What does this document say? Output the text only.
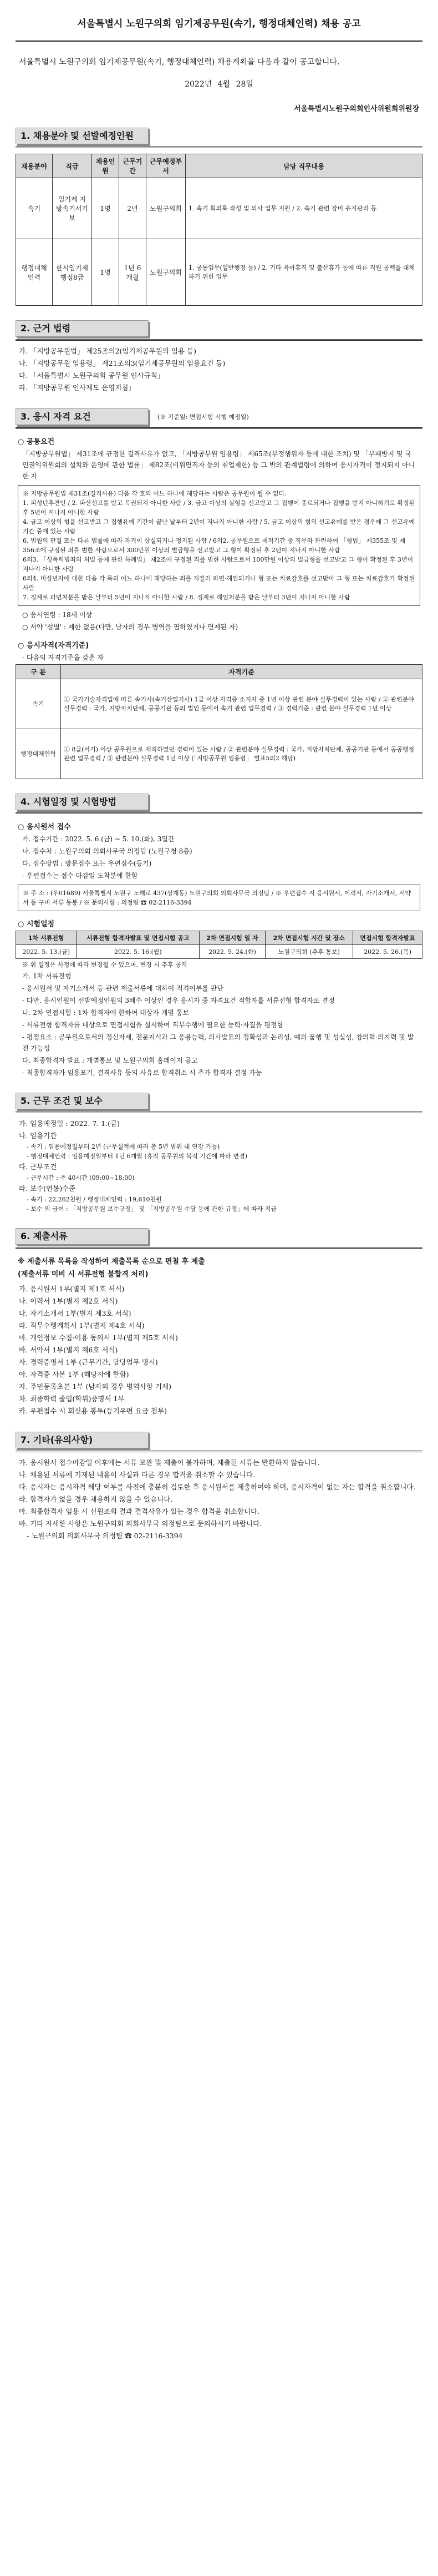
서울특별시 노원구의회 임기제공무원(속기, 행정대체인력) 채용 공고

서울특별시 노원구의회 임기제공무원(속기, 행정대체인력) 채용계획을 다음과 같이 공고합니다.

2022년 4월 28일
서울특별시노원구의회인사위원회위원장
1. 채용분야 및 선발예정인원
채용분야	직급	채용인원	근무기간	근무예정부서	담당 직무내용
속기	임기제 지방속기서기보	1명	2년	노원구의회	1. 속기 회의록 작성 및 의사 업무 지원 / 2. 속기 관련 장비 유지관리 등
행정대체인력	한시임기제 행정8급	1명	1년 6개월	노원구의회	1. 공통업무(일반행정 등) / 2. 기타 육아휴직 및 출산휴가 등에 따른 직원 공백을 대체하기 위한 업무
2. 근거 법령
가. 「지방공무원법」 제25조의2(임기제공무원의 임용 등)
나. 「지방공무원 임용령」 제21조의3(임기제공무원의 임용요건 등)
다. 「서울특별시 노원구의회 공무원 인사규칙」
라. 「지방공무원 인사제도 운영지침」
3. 응시 자격 요건	(※ 기준일: 면접시험 시행 예정일)
○ 공통요건
「지방공무원법」 제31조에 규정한 결격사유가 없고, 「지방공무원 임용령」 제65조(부정행위자 등에 대한 조치) 및 「부패방지 및 국민권익위원회의 설치와 운영에 관한 법률」 제82조(비위면직자 등의 취업제한) 등 그 밖의 관계법령에 의하여 응시자격이 정지되지 아니한 자
※ 지방공무원법 제31조(결격사유) 다음 각 호의 어느 하나에 해당하는 사람은 공무원이 될 수 없다.
1. 피성년후견인 / 2. 파산선고를 받고 복권되지 아니한 사람 / 3. 금고 이상의 실형을 선고받고 그 집행이 종료되거나 집행을 받지 아니하기로 확정된 후 5년이 지나지 아니한 사람
4. 금고 이상의 형을 선고받고 그 집행유예 기간이 끝난 날부터 2년이 지나지 아니한 사람 / 5. 금고 이상의 형의 선고유예를 받은 경우에 그 선고유예 기간 중에 있는 사람
6. 법원의 판결 또는 다른 법률에 따라 자격이 상실되거나 정지된 사람 / 6의2. 공무원으로 재직기간 중 직무와 관련하여 「형법」 제355조 및 제356조에 규정된 죄를 범한 사람으로서 300만원 이상의 벌금형을 선고받고 그 형이 확정된 후 2년이 지나지 아니한 사람
6의3. 「성폭력범죄의 처벌 등에 관한 특례법」 제2조에 규정된 죄를 범한 사람으로서 100만원 이상의 벌금형을 선고받고 그 형이 확정된 후 3년이 지나지 아니한 사람
6의4. 미성년자에 대한 다음 각 목의 어느 하나에 해당하는 죄를 저질러 파면·해임되거나 형 또는 치료감호를 선고받아 그 형 또는 치료감호가 확정된 사람
7. 징계로 파면처분을 받은 날부터 5년이 지나지 아니한 사람 / 8. 징계로 해임처분을 받은 날부터 3년이 지나지 아니한 사람
○ 응시연령 : 18세 이상
○ 서약 '성별' : 제한 없음(다만, 남자의 경우 병역을 필하였거나 면제된 자)
○ 응시자격(자격기준)
- 다음의 자격기준을 갖춘 자
구 분	자격기준
속기	① 국가기술자격법에 따른 속기사(속기산업기사) 1급 이상 자격증 소지자 중 1년 이상 관련 분야 실무경력이 있는 사람 / ② 관련분야 실무경력 : 국가, 지방자치단체, 공공기관 등의 법인 등에서 속기 관련 업무경력 / ③ 경력기준 : 관련 분야 실무경력 1년 이상
행정대체인력	① 8급(서기) 이상 공무원으로 재직하였던 경력이 있는 사람 / ② 관련분야 실무경력 : 국가, 지방자치단체, 공공기관 등에서 공공행정 관련 업무경력 / ③ 관련분야 실무경력 1년 이상 (「지방공무원 임용령」 별표5의2 해당)
4. 시험일정 및 시험방법
○ 응시원서 접수
가. 접수기간 : 2022. 5. 6.(금) ~ 5. 10.(화), 3일간
나. 접수처 : 노원구의회 의회사무국 의정팀 (노원구청 8층)
다. 접수방법 : 방문접수 또는 우편접수(등기)
- 우편접수는 접수 마감일 도착분에 한함
※ 주 소 : (우01689) 서울특별시 노원구 노해로 437(상계동) 노원구의회 의회사무국 의정팀 / ※ 우편접수 시 응시원서, 이력서, 자기소개서, 서약서 등 구비 서류 동봉 / ※ 문의사항 : 의정팀 ☎ 02-2116-3394
○ 시험일정
1차 서류전형	서류전형 합격자발표 및 면접시험 공고	2차 면접시험 일 자	2차 면접시험 시간 및 장소	면접시험 합격자발표
2022. 5. 13.(금)	2022. 5. 16.(월)	2022. 5. 24.(화)	노원구의회 (추후 통보)	2022. 5. 26.(목)
※ 위 일정은 사정에 따라 변경될 수 있으며, 변경 시 추후 공지
가. 1차 서류전형
- 응시원서 및 자기소개서 등 관련 제출서류에 대하여 적격여부를 판단
- 다만, 응시인원이 선발예정인원의 3배수 이상인 경우 응시자 중 자격요건 적합자를 서류전형 합격자로 결정
나. 2차 면접시험 : 1차 합격자에 한하여 대상자 개별 통보
- 서류전형 합격자를 대상으로 면접시험을 실시하여 직무수행에 필요한 능력·자질을 평정함
- 평정요소 : 공무원으로서의 정신자세, 전문지식과 그 응용능력, 의사발표의 정확성과 논리성, 예의·품행 및 성실성, 창의력·의지력 및 발전 가능성
다. 최종합격자 발표 : 개별통보 및 노원구의회 홈페이지 공고
- 최종합격자가 임용포기, 결격사유 등의 사유로 합격취소 시 추가 합격자 결정 가능
5. 근무 조건 및 보수
가. 임용예정일 : 2022. 7. 1.(금)
나. 임용기간
- 속기 : 임용예정일부터 2년 (근무실적에 따라 총 5년 범위 내 연장 가능)
- 행정대체인력 : 임용예정일부터 1년 6개월 (휴직 공무원의 복직 기간에 따라 변경)
다. 근무조건
- 근무시간 : 주 40시간 (09:00~18:00)
라. 보수(연봉)수준
- 속기 : 22,262천원 / 행정대체인력 : 19,610천원
- 보수 외 급여 : 「지방공무원 보수규정」 및 「지방공무원 수당 등에 관한 규정」에 따라 지급
6. 제출서류
※ 제출서류 목록을 작성하여 제출목록 순으로 편철 후 제출
(제출서류 미비 시 서류전형 불합격 처리)
가. 응시원서 1부(별지 제1호 서식)
나. 이력서 1부(별지 제2호 서식)
다. 자기소개서 1부(별지 제3호 서식)
라. 직무수행계획서 1부(별지 제4호 서식)
마. 개인정보 수집·이용 동의서 1부(별지 제5호 서식)
바. 서약서 1부(별지 제6호 서식)
사. 경력증명서 1부 (근무기간, 담당업무 명시)
아. 자격증 사본 1부 (해당자에 한함)
자. 주민등록초본 1부 (남자의 경우 병역사항 기재)
차. 최종학력 졸업(학위)증명서 1부
카. 우편접수 시 회신용 봉투(등기우편 요금 첨부)
7. 기타(유의사항)
가. 응시원서 접수마감일 이후에는 서류 보완 및 제출이 불가하며, 제출된 서류는 반환하지 않습니다.
나. 채용된 서류에 기재된 내용이 사실과 다른 경우 합격을 취소할 수 있습니다.
다. 응시자는 응시자격 해당 여부를 사전에 충분히 검토한 후 응시원서를 제출하여야 하며, 응시자격이 없는 자는 합격을 취소합니다.
라. 합격자가 없을 경우 채용하지 않을 수 있습니다.
마. 최종합격자 임용 시 신원조회 결과 결격사유가 있는 경우 합격을 취소합니다.
바. 기타 자세한 사항은 노원구의회 의회사무국 의정팀으로 문의하시기 바랍니다.
- 노원구의회 의회사무국 의정팀 ☎ 02-2116-3394
